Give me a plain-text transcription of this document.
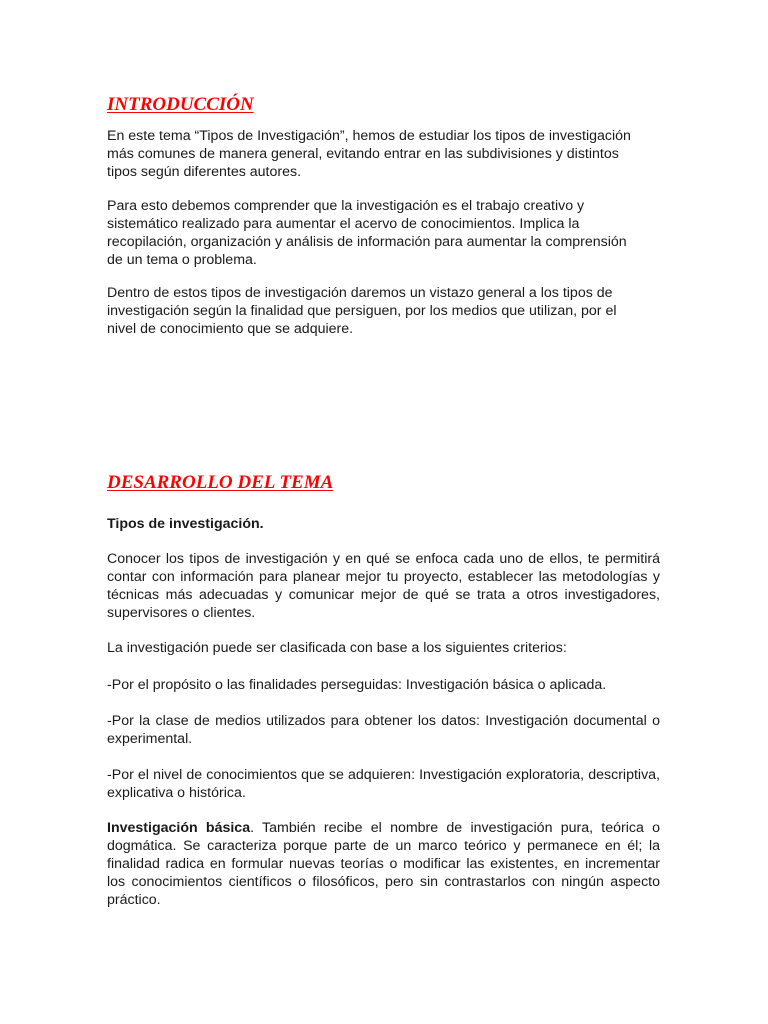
INTRODUCCIÓN

En este tema “Tipos de Investigación”, hemos de estudiar los tipos de investigación más comunes de manera general, evitando entrar en las subdivisiones y distintos tipos según diferentes autores.

Para esto debemos comprender que la investigación es el trabajo creativo y sistemático realizado para aumentar el acervo de conocimientos. Implica la recopilación, organización y análisis de información para aumentar la comprensión de un tema o problema.

Dentro de estos tipos de investigación daremos un vistazo general a los tipos de investigación según la finalidad que persiguen, por los medios que utilizan, por el nivel de conocimiento que se adquiere.

DESARROLLO DEL TEMA

Tipos de investigación.

Conocer los tipos de investigación y en qué se enfoca cada uno de ellos, te permitirá contar con información para planear mejor tu proyecto, establecer las metodologías y técnicas más adecuadas y comunicar mejor de qué se trata a otros investigadores, supervisores o clientes.

La investigación puede ser clasificada con base a los siguientes criterios:

-Por el propósito o las finalidades perseguidas: Investigación básica o aplicada.

-Por la clase de medios utilizados para obtener los datos: Investigación documental o experimental.

-Por el nivel de conocimientos que se adquieren: Investigación exploratoria, descriptiva, explicativa o histórica.

Investigación básica. También recibe el nombre de investigación pura, teórica o dogmática. Se caracteriza porque parte de un marco teórico y permanece en él; la finalidad radica en formular nuevas teorías o modificar las existentes, en incrementar los conocimientos científicos o filosóficos, pero sin contrastarlos con ningún aspecto práctico.
